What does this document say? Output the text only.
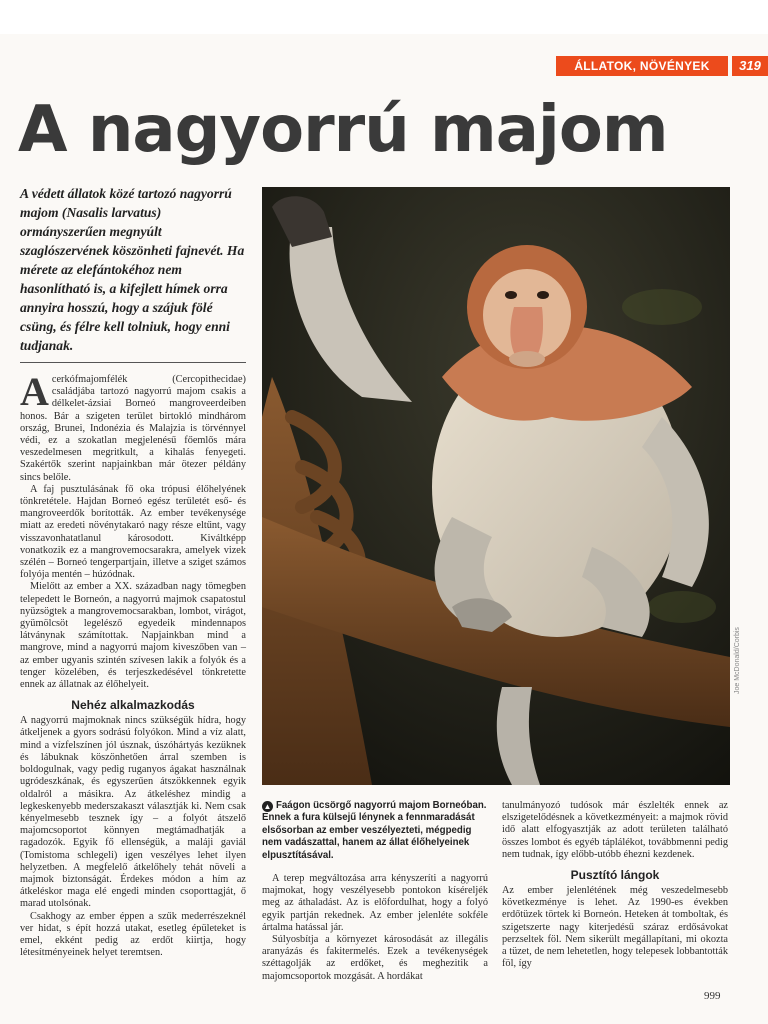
ÁLLATOK, NÖVÉNYEK	319
A nagyorrú majom
A védett állatok közé tartozó nagyorrú majom (Nasalis larvatus) ormányszerűen megnyúlt szaglószervének köszönheti fajnevét. Ha mérete az elefántokéhoz nem hasonlítható is, a kifejlett hímek orra annyira hosszú, hogy a szájuk fölé csüng, és félre kell tolniuk, hogy enni tudjanak.

Acerkófmajomfélék (Cercopithecidae) családjába tartozó nagyorrú majom csakis a délkelet-ázsiai Borneó mangroveerdeiben honos. Bár a szigeten terület birtokló mindhárom ország, Brunei, Indonézia és Malajzia is törvénnyel védi, ez a szokatlan megjelenésű főemlős mára veszedelmesen megritkult, a kihalás fenyegeti. Szakértők szerint napjainkban már ötezer példány sincs belőle.

A faj pusztulásának fő oka trópusi élőhelyének tönkretétele. Hajdan Borneó egész területét eső- és mangroveerdők borították. Az ember tevékenysége miatt az eredeti növénytakaró nagy része eltűnt, vagy visszavonhatatlanul károsodott. Kiváltképp vonatkozik ez a mangrovemocsarakra, amelyek vizek szélén – Borneó tengerpartjain, illetve a sziget számos folyója mentén – húzódnak.

Mielőtt az ember a XX. században nagy tömegben telepedett le Borneón, a nagyorrú majmok csapatostul nyüzsögtek a mangrovemocsarakban, lombot, virágot, gyümölcsöt legelésző egyedeik mindennapos látványnak számítottak. Napjainkban mind a mangrove, mind a nagyorrú majom kiveszőben van – az ember ugyanis szintén szívesen lakik a folyók és a tenger közelében, és terjeszkedésével tönkretette ennek az állatnak az élőhelyeit.

Nehéz alkalmazkodás

A nagyorrú majmoknak nincs szükségük hídra, hogy átkeljenek a gyors sodrású folyókon. Mind a víz alatt, mind a vízfelszínen jól úsznak, úszóhártyás kezüknek és lábuknak köszönhetően árral szemben is boldogulnak, vagy pedig ruganyos ágakat használnak ugródeszkának, és egyszerűen átszökkennek egyik oldalról a másikra. Az átkeléshez mindig a legkeskenyebb mederszakaszt választják ki. Nem csak kényelmesebb tesznek így – a folyót átszelő majomcsoportot könnyen megtámadhatják a ragadozók. Egyik fő ellenségük, a maláji gaviál (Tomistoma schlegeli) igen veszélyes lehet ilyen helyzetben. A megfelelő átkelőhely tehát növeli a majmok biztonságát. Érdekes módon a hím az átkeléskor maga elé engedi minden csoporttagját, ő marad utolsónak.

Csakhogy az ember éppen a szűk mederrészeknél ver hidat, s épít hozzá utakat, esetleg épületeket is emel, ekként pedig az erdőt kiirtja, hogy létesítményeinek helyet teremtsen.

Joe McDonald/Corbis
▲ Faágon ücsörgő nagyorrú majom Borneóban. Ennek a fura külsejű lénynek a fennmaradását elsősorban az ember veszélyezteti, mégpedig nem vadászattal, hanem az állat élőhelyeinek elpusztításával.

A terep megváltozása arra kényszeríti a nagyorrú majmokat, hogy veszélyesebb pontokon kíséreljék meg az áthaladást. Az is előfordulhat, hogy a folyó egyik partján rekednek. Az ember jelenléte sokféle ártalma hatással jár.

Súlyosbítja a környezet károsodását az illegális aranyázás és fakitermelés. Ezek a tevékenységek széttagolják az erdőket, és meghezitik a majomcsoportok mozgását. A hordákat

tanulmányozó tudósok már észlelték ennek az elszigetelődésnek a következményeit: a majmok rövid idő alatt elfogyasztják az adott területen található összes lombot és egyéb táplálékot, továbbmenni pedig nem tudnak, így előbb-utóbb éhezni kezdenek.

Pusztító lángok

Az ember jelenlétének még veszedelmesebb következménye is lehet. Az 1990-es években erdőtüzek törtek ki Borneón. Heteken át tomboltak, és szigetszerte nagy kiterjedésű száraz erdősávokat perzseltek föl. Nem sikerült megállapítani, mi okozta a tüzet, de nem lehetetlen, hogy telepesek lobbantották föl, így

999
